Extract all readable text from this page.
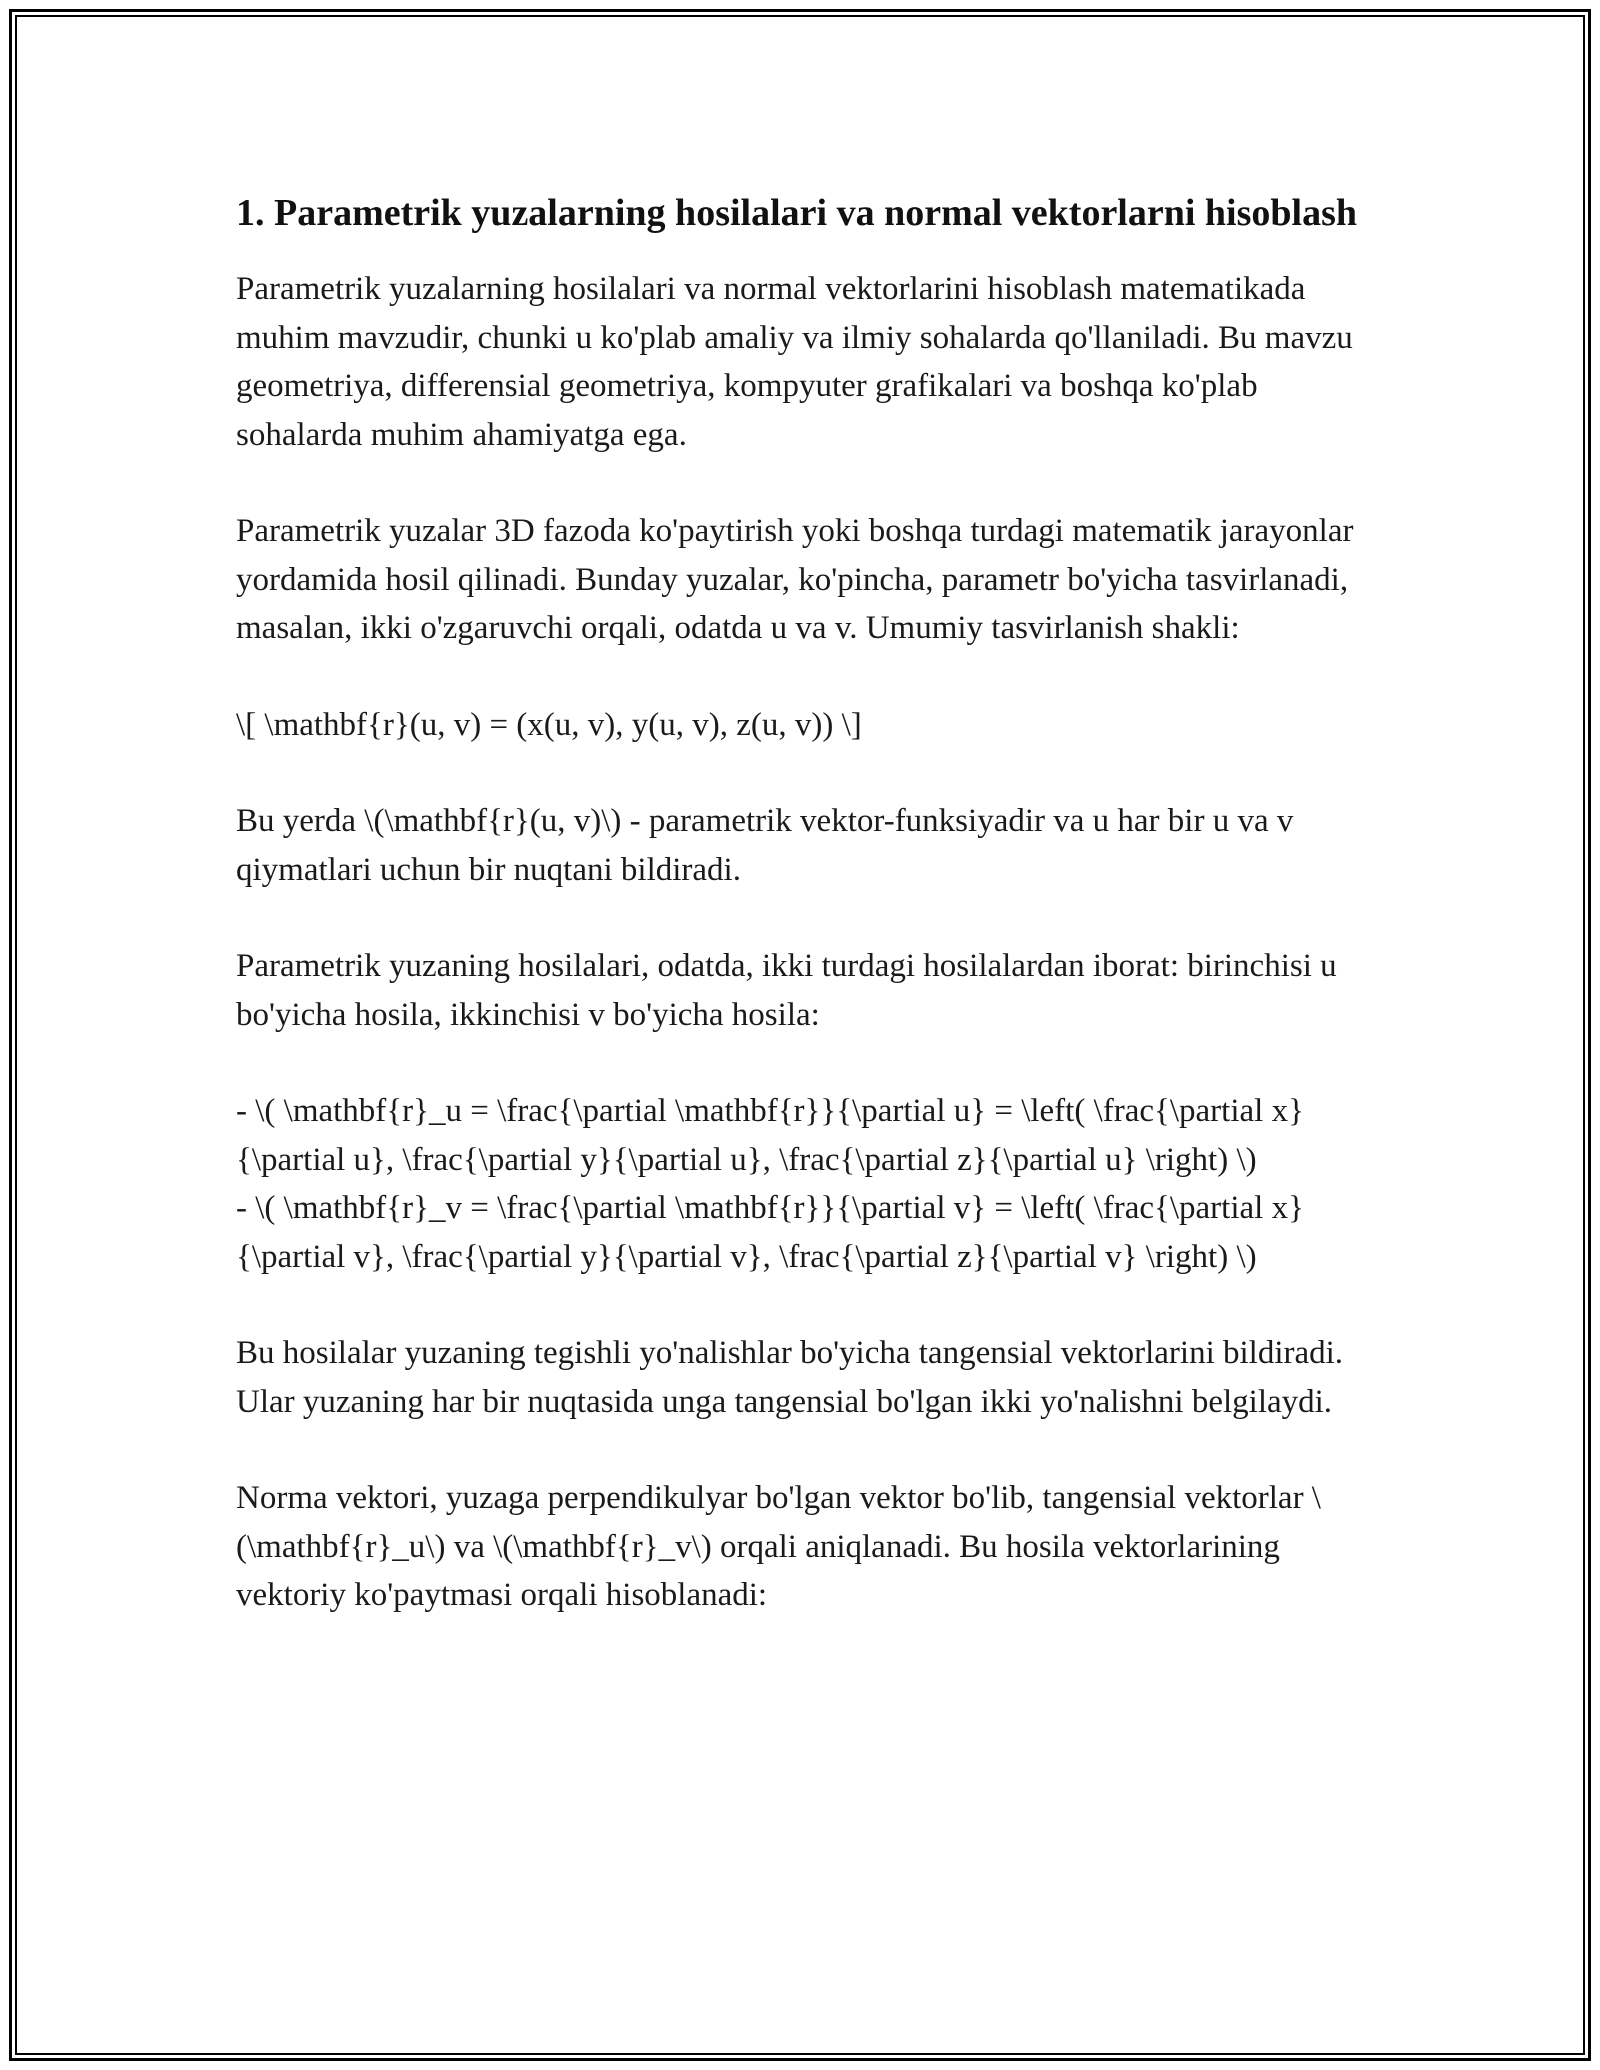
1. Parametrik yuzalarning hosilalari va normal vektorlarni hisoblash

Parametrik yuzalarning hosilalari va normal vektorlarini hisoblash matematikada muhim mavzudir, chunki u ko'plab amaliy va ilmiy sohalarda qo'llaniladi. Bu mavzu geometriya, differensial geometriya, kompyuter grafikalari va boshqa ko'plab sohalarda muhim ahamiyatga ega.

Parametrik yuzalar 3D fazoda ko'paytirish yoki boshqa turdagi matematik jarayonlar yordamida hosil qilinadi. Bunday yuzalar, ko'pincha, parametr bo'yicha tasvirlanadi, masalan, ikki o'zgaruvchi orqali, odatda u va v. Umumiy tasvirlanish shakli:

\[ \mathbf{r}(u, v) = (x(u, v), y(u, v), z(u, v)) \]

Bu yerda \(\mathbf{r}(u, v)\) - parametrik vektor-funksiyadir va u har bir u va v qiymatlari uchun bir nuqtani bildiradi.

Parametrik yuzaning hosilalari, odatda, ikki turdagi hosilalardan iborat: birinchisi u bo'yicha hosila, ikkinchisi v bo'yicha hosila:

- \( \mathbf{r}_u = \frac{\partial \mathbf{r}}{\partial u} = \left( \frac{\partial x}{\partial u}, \frac{\partial y}{\partial u}, \frac{\partial z}{\partial u} \right) \)
- \( \mathbf{r}_v = \frac{\partial \mathbf{r}}{\partial v} = \left( \frac{\partial x}{\partial v}, \frac{\partial y}{\partial v}, \frac{\partial z}{\partial v} \right) \)

Bu hosilalar yuzaning tegishli yo'nalishlar bo'yicha tangensial vektorlarini bildiradi. Ular yuzaning har bir nuqtasida unga tangensial bo'lgan ikki yo'nalishni belgilaydi.

Norma vektori, yuzaga perpendikulyar bo'lgan vektor bo'lib, tangensial vektorlar \(\mathbf{r}_u\) va \(\mathbf{r}_v\) orqali aniqlanadi. Bu hosila vektorlarining vektoriy ko'paytmasi orqali hisoblanadi:
